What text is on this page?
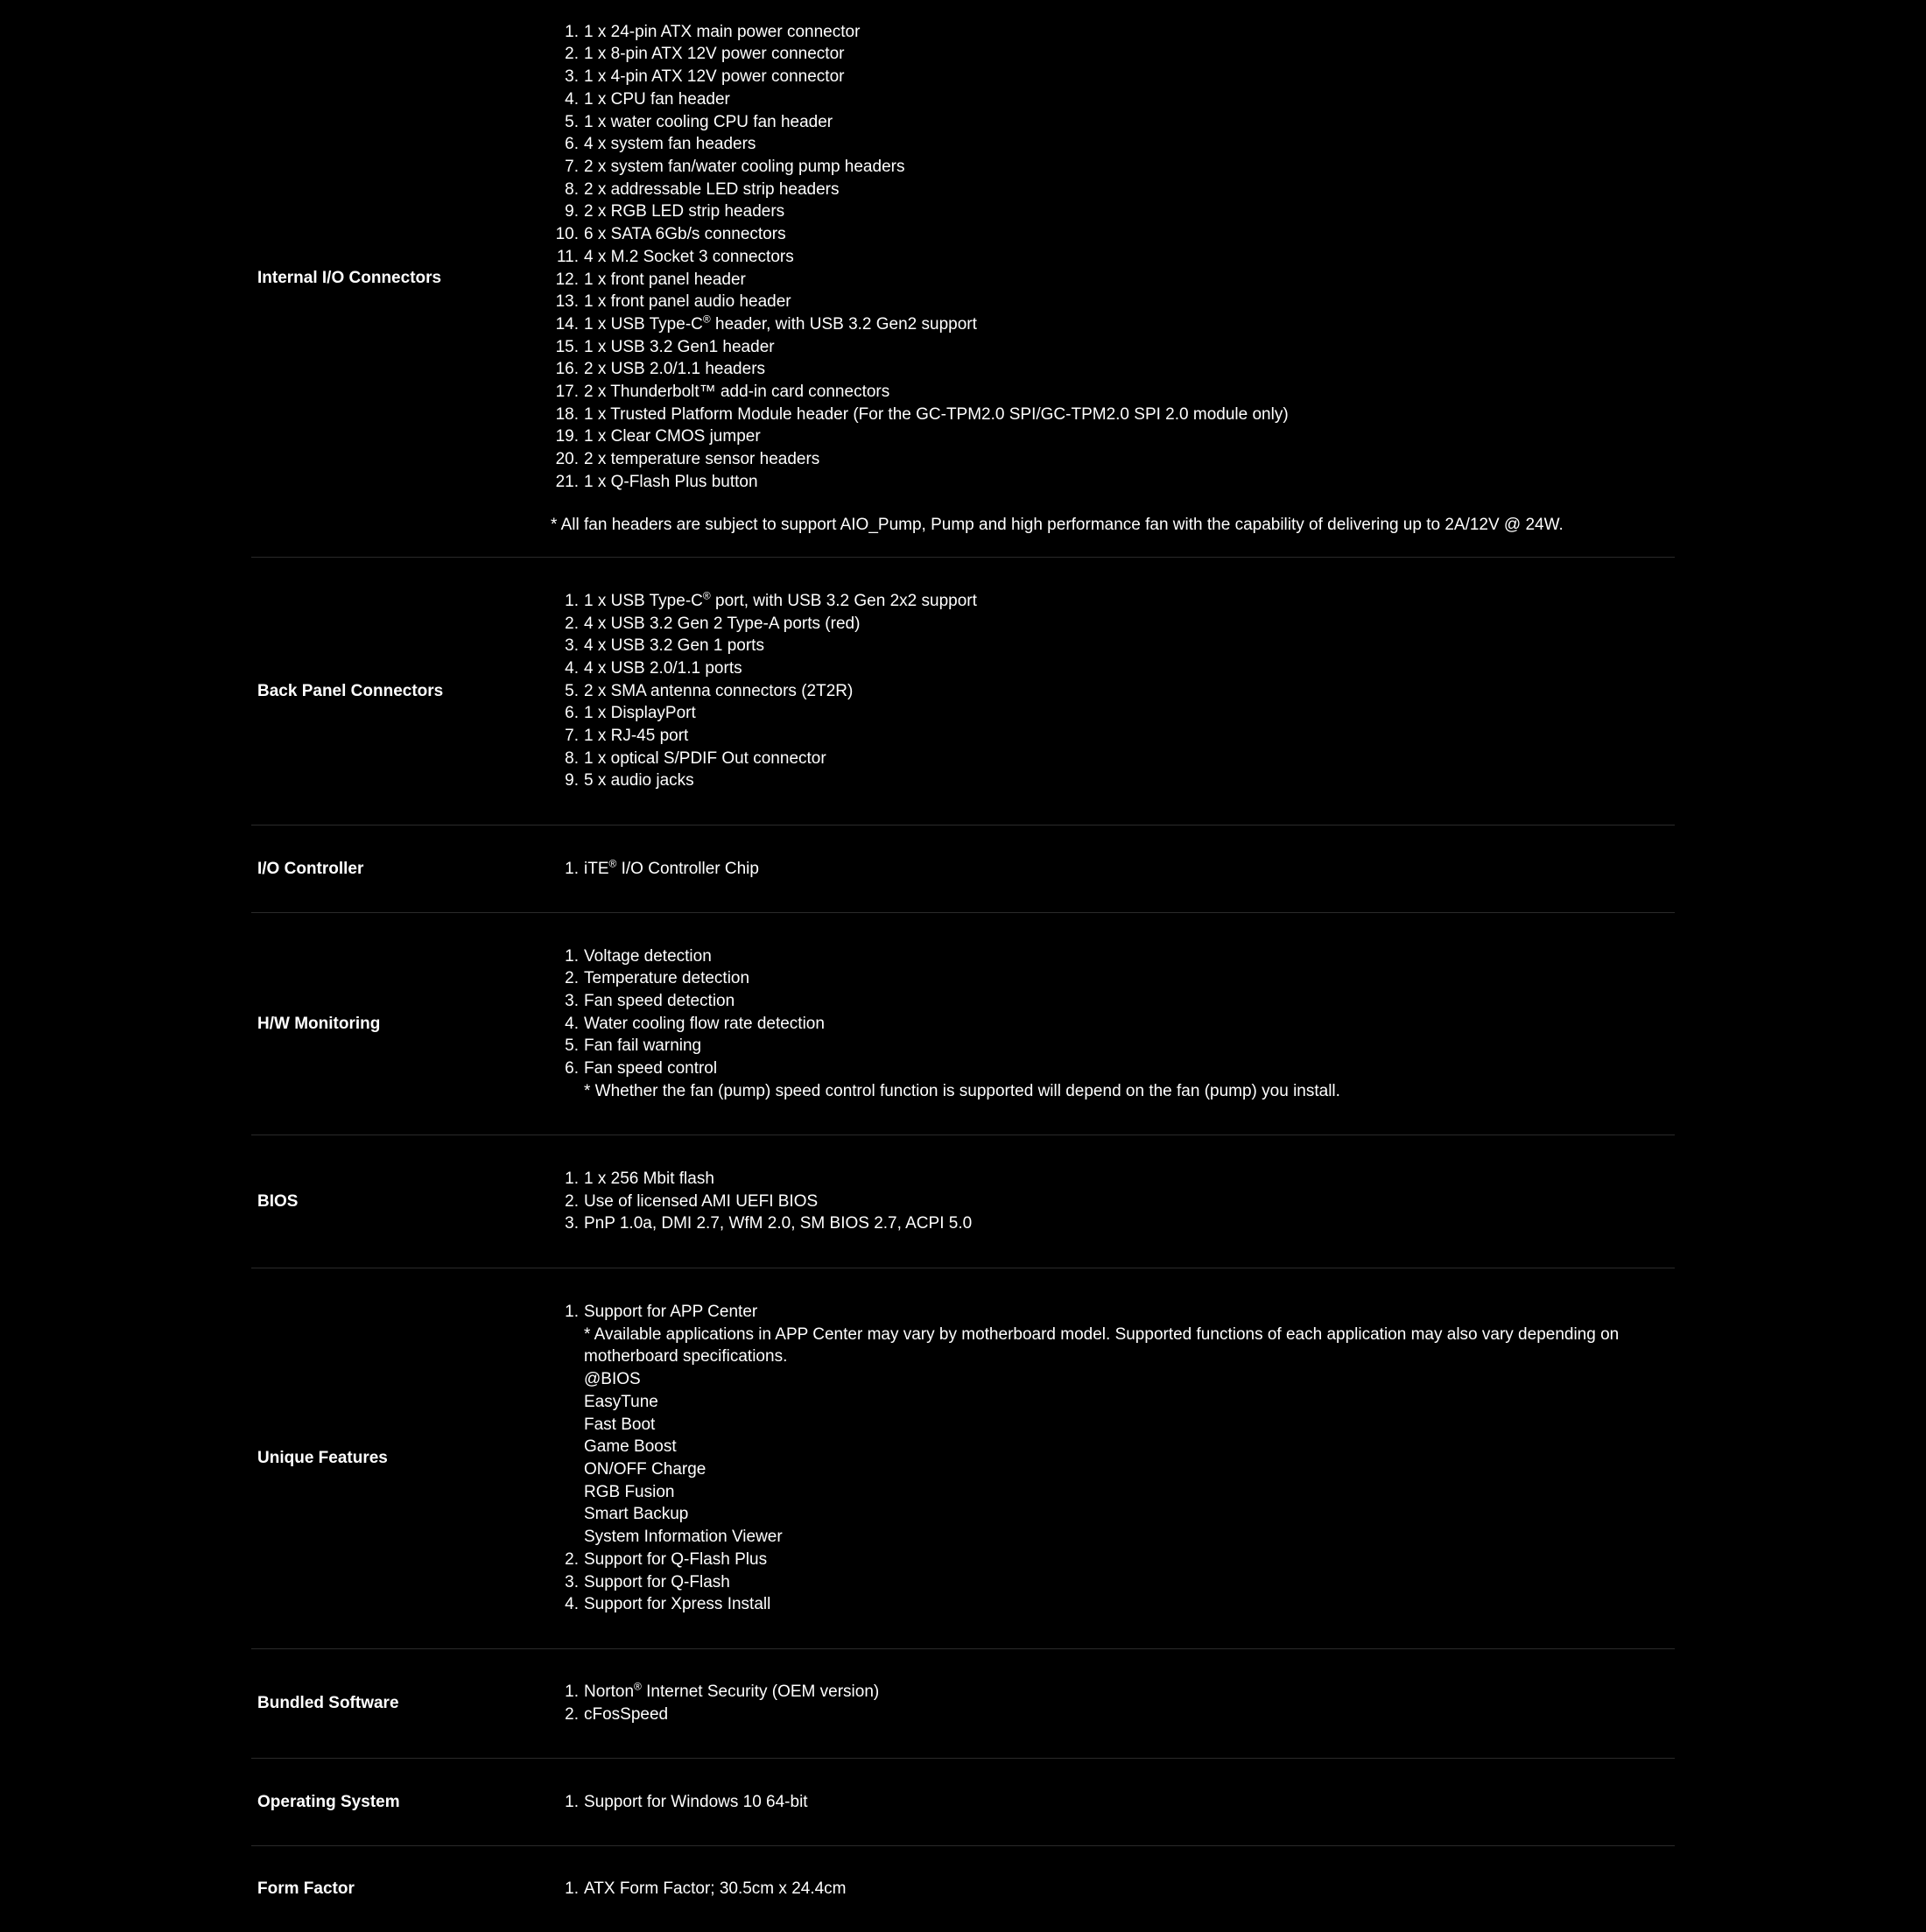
Internal I/O Connectors
1. 1 x 24-pin ATX main power connector
2. 1 x 8-pin ATX 12V power connector
3. 1 x 4-pin ATX 12V power connector
4. 1 x CPU fan header
5. 1 x water cooling CPU fan header
6. 4 x system fan headers
7. 2 x system fan/water cooling pump headers
8. 2 x addressable LED strip headers
9. 2 x RGB LED strip headers
10. 6 x SATA 6Gb/s connectors
11. 4 x M.2 Socket 3 connectors
12. 1 x front panel header
13. 1 x front panel audio header
14. 1 x USB Type-C® header, with USB 3.2 Gen2 support
15. 1 x USB 3.2 Gen1 header
16. 2 x USB 2.0/1.1 headers
17. 2 x Thunderbolt™ add-in card connectors
18. 1 x Trusted Platform Module header (For the GC-TPM2.0 SPI/GC-TPM2.0 SPI 2.0 module only)
19. 1 x Clear CMOS jumper
20. 2 x temperature sensor headers
21. 1 x Q-Flash Plus button
* All fan headers are subject to support AIO_Pump, Pump and high performance fan with the capability of delivering up to 2A/12V @ 24W.
Back Panel Connectors
1. 1 x USB Type-C® port, with USB 3.2 Gen 2x2 support
2. 4 x USB 3.2 Gen 2 Type-A ports (red)
3. 4 x USB 3.2 Gen 1 ports
4. 4 x USB 2.0/1.1 ports
5. 2 x SMA antenna connectors (2T2R)
6. 1 x DisplayPort
7. 1 x RJ-45 port
8. 1 x optical S/PDIF Out connector
9. 5 x audio jacks
I/O Controller	1. iTE® I/O Controller Chip
H/W Monitoring
1. Voltage detection
2. Temperature detection
3. Fan speed detection
4. Water cooling flow rate detection
5. Fan fail warning
6. Fan speed control
* Whether the fan (pump) speed control function is supported will depend on the fan (pump) you install.
BIOS
1. 1 x 256 Mbit flash
2. Use of licensed AMI UEFI BIOS
3. PnP 1.0a, DMI 2.7, WfM 2.0, SM BIOS 2.7, ACPI 5.0
Unique Features
1. Support for APP Center
* Available applications in APP Center may vary by motherboard model. Supported functions of each application may also vary depending on motherboard specifications.
@BIOS
EasyTune
Fast Boot
Game Boost
ON/OFF Charge
RGB Fusion
Smart Backup
System Information Viewer
2. Support for Q-Flash Plus
3. Support for Q-Flash
4. Support for Xpress Install
Bundled Software
1. Norton® Internet Security (OEM version)
2. cFosSpeed
Operating System	1. Support for Windows 10 64-bit
Form Factor	1. ATX Form Factor; 30.5cm x 24.4cm
